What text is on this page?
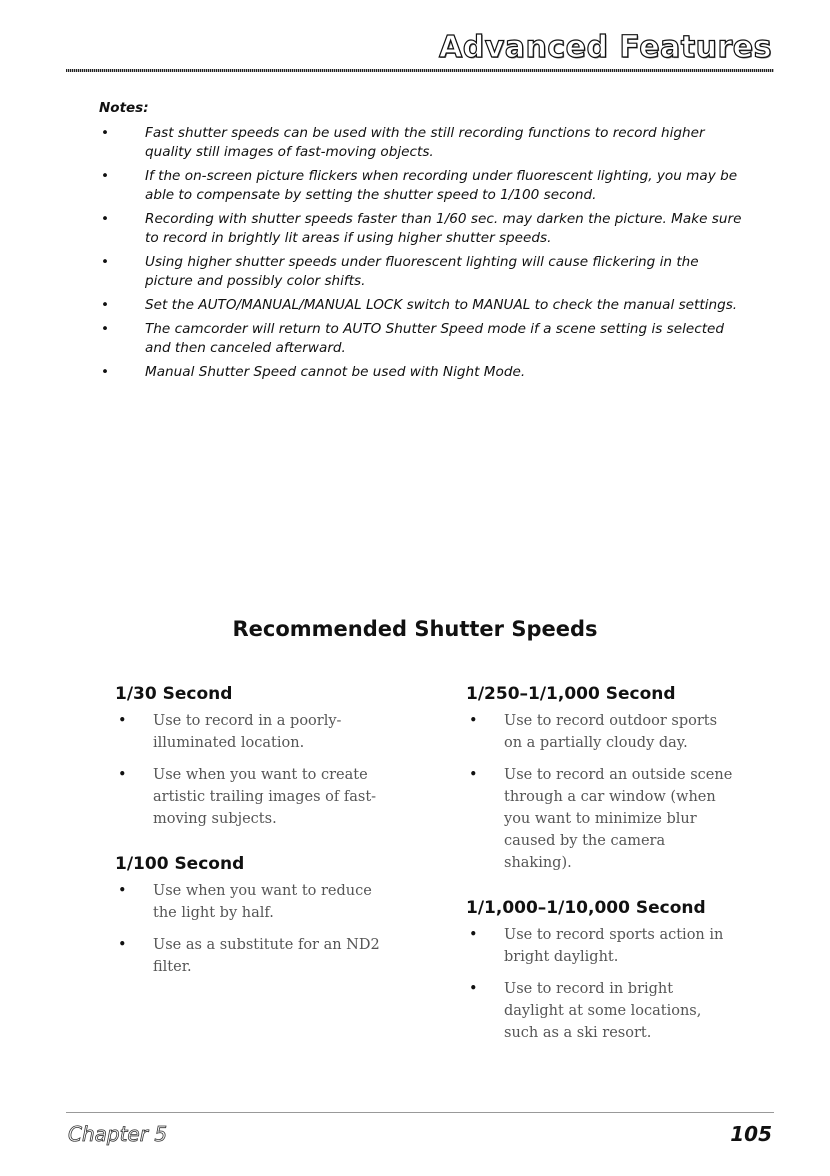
Advanced Features
Notes:
• Fast shutter speeds can be used with the still recording functions to record higher quality still images of fast-moving objects.
• If the on-screen picture flickers when recording under fluorescent lighting, you may be able to compensate by setting the shutter speed to 1/100 second.
• Recording with shutter speeds faster than 1/60 sec. may darken the picture. Make sure to record in brightly lit areas if using higher shutter speeds.
• Using higher shutter speeds under fluorescent lighting will cause flickering in the picture and possibly color shifts.
• Set the AUTO/MANUAL/MANUAL LOCK switch to MANUAL to check the manual settings.
• The camcorder will return to AUTO Shutter Speed mode if a scene setting is selected and then canceled afterward.
• Manual Shutter Speed cannot be used with Night Mode.
Recommended Shutter Speeds
1/30 Second
• Use to record in a poorly-illuminated location.
• Use when you want to create artistic trailing images of fast-moving subjects.
1/100 Second
• Use when you want to reduce the light by half.
• Use as a substitute for an ND2 filter.
1/250–1/1,000 Second
• Use to record outdoor sports on a partially cloudy day.
• Use to record an outside scene through a car window (when you want to minimize blur caused by the camera shaking).
1/1,000–1/10,000 Second
• Use to record sports action in bright daylight.
• Use to record in bright daylight at some locations, such as a ski resort.
Chapter 5	105
